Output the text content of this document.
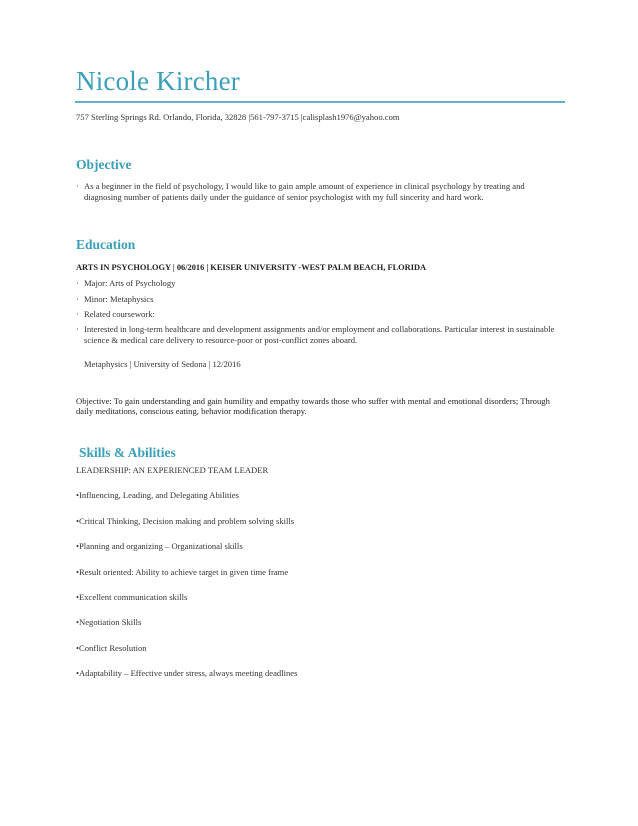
Nicole Kircher
757 Sterling Springs Rd. Orlando, Florida, 32828 |561-797-3715 |calisplash1976@yahoo.com
Objective
· As a beginner in the field of psychology, I would like to gain ample amount of experience in clinical psychology by treating and diagnosing number of patients daily under the guidance of senior psychologist with my full sincerity and hard work.
Education
ARTS IN PSYCHOLOGY | 06/2016 | KEISER UNIVERSITY -WEST PALM BEACH, FLORIDA
· Major: Arts of Psychology
· Minor: Metaphysics
· Related coursework:
· Interested in long-term healthcare and development assignments and/or employment and collaborations. Particular interest in sustainable science & medical care delivery to resource-poor or post-conflict zones aboard.
Metaphysics | University of Sedona | 12/2016
Objective: To gain understanding and gain humility and empathy towards those who suffer with mental and emotional disorders; Through daily meditations, conscious eating, behavior modification therapy.
Skills & Abilities
LEADERSHIP: AN EXPERIENCED TEAM LEADER
•Influencing, Leading, and Delegating Abilities
•Critical Thinking, Decision making and problem solving skills
•Planning and organizing – Organizational skills
•Result oriented: Ability to achieve target in given time frame
•Excellent communication skills
•Negotiation Skills
•Conflict Resolution
•Adaptability – Effective under stress, always meeting deadlines
